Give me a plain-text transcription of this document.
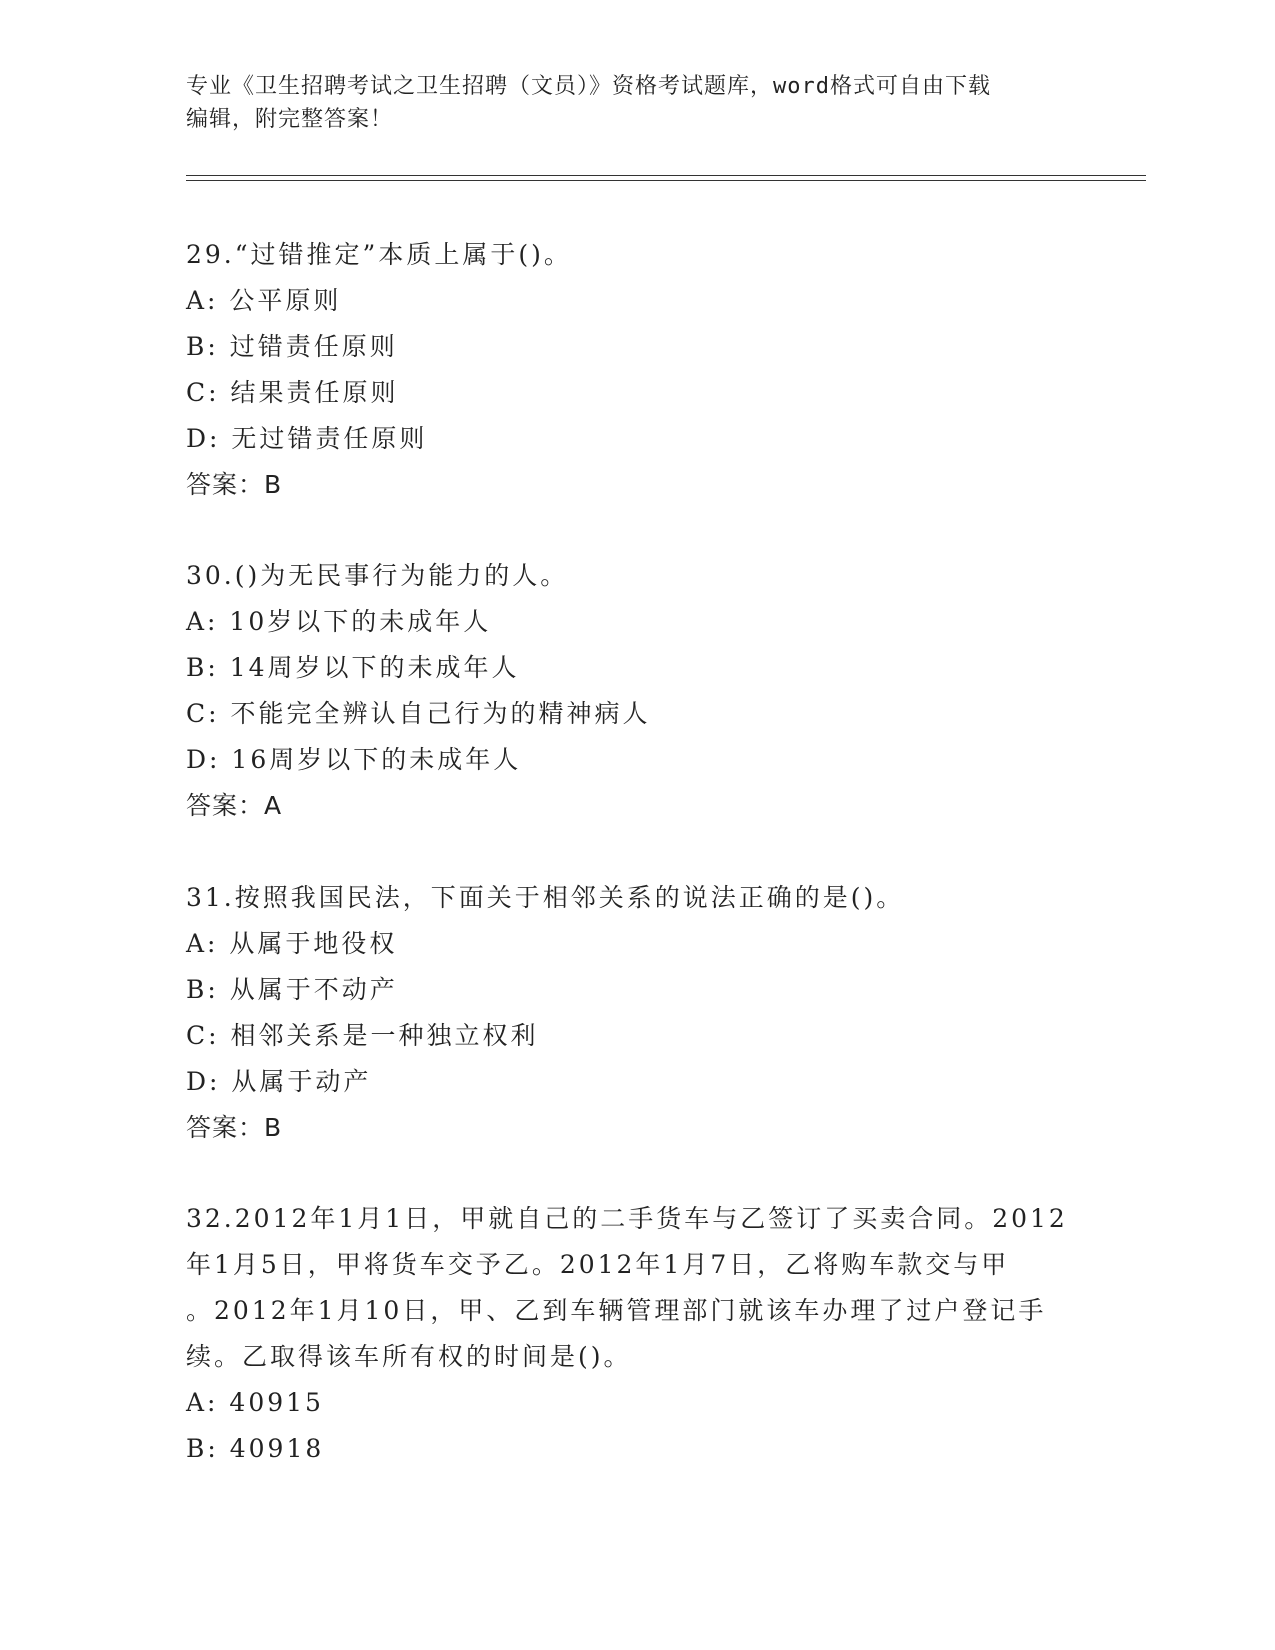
专业《卫生招聘考试之卫生招聘（文员）》资格考试题库，word格式可自由下载
编辑，附完整答案！
29.“过错推定”本质上属于()。
A: 公平原则
B: 过错责任原则
C: 结果责任原则
D: 无过错责任原则
答案：B
30.()为无民事行为能力的人。
A: 10岁以下的未成年人
B: 14周岁以下的未成年人
C: 不能完全辨认自己行为的精神病人
D: 16周岁以下的未成年人
答案：A
31.按照我国民法，下面关于相邻关系的说法正确的是()。
A: 从属于地役权
B: 从属于不动产
C: 相邻关系是一种独立权利
D: 从属于动产
答案：B
32.2012年1月1日，甲就自己的二手货车与乙签订了买卖合同。2012
年1月5日，甲将货车交予乙。2012年1月7日，乙将购车款交与甲
。2012年1月10日，甲、乙到车辆管理部门就该车办理了过户登记手
续。乙取得该车所有权的时间是()。
A: 40915
B: 40918
